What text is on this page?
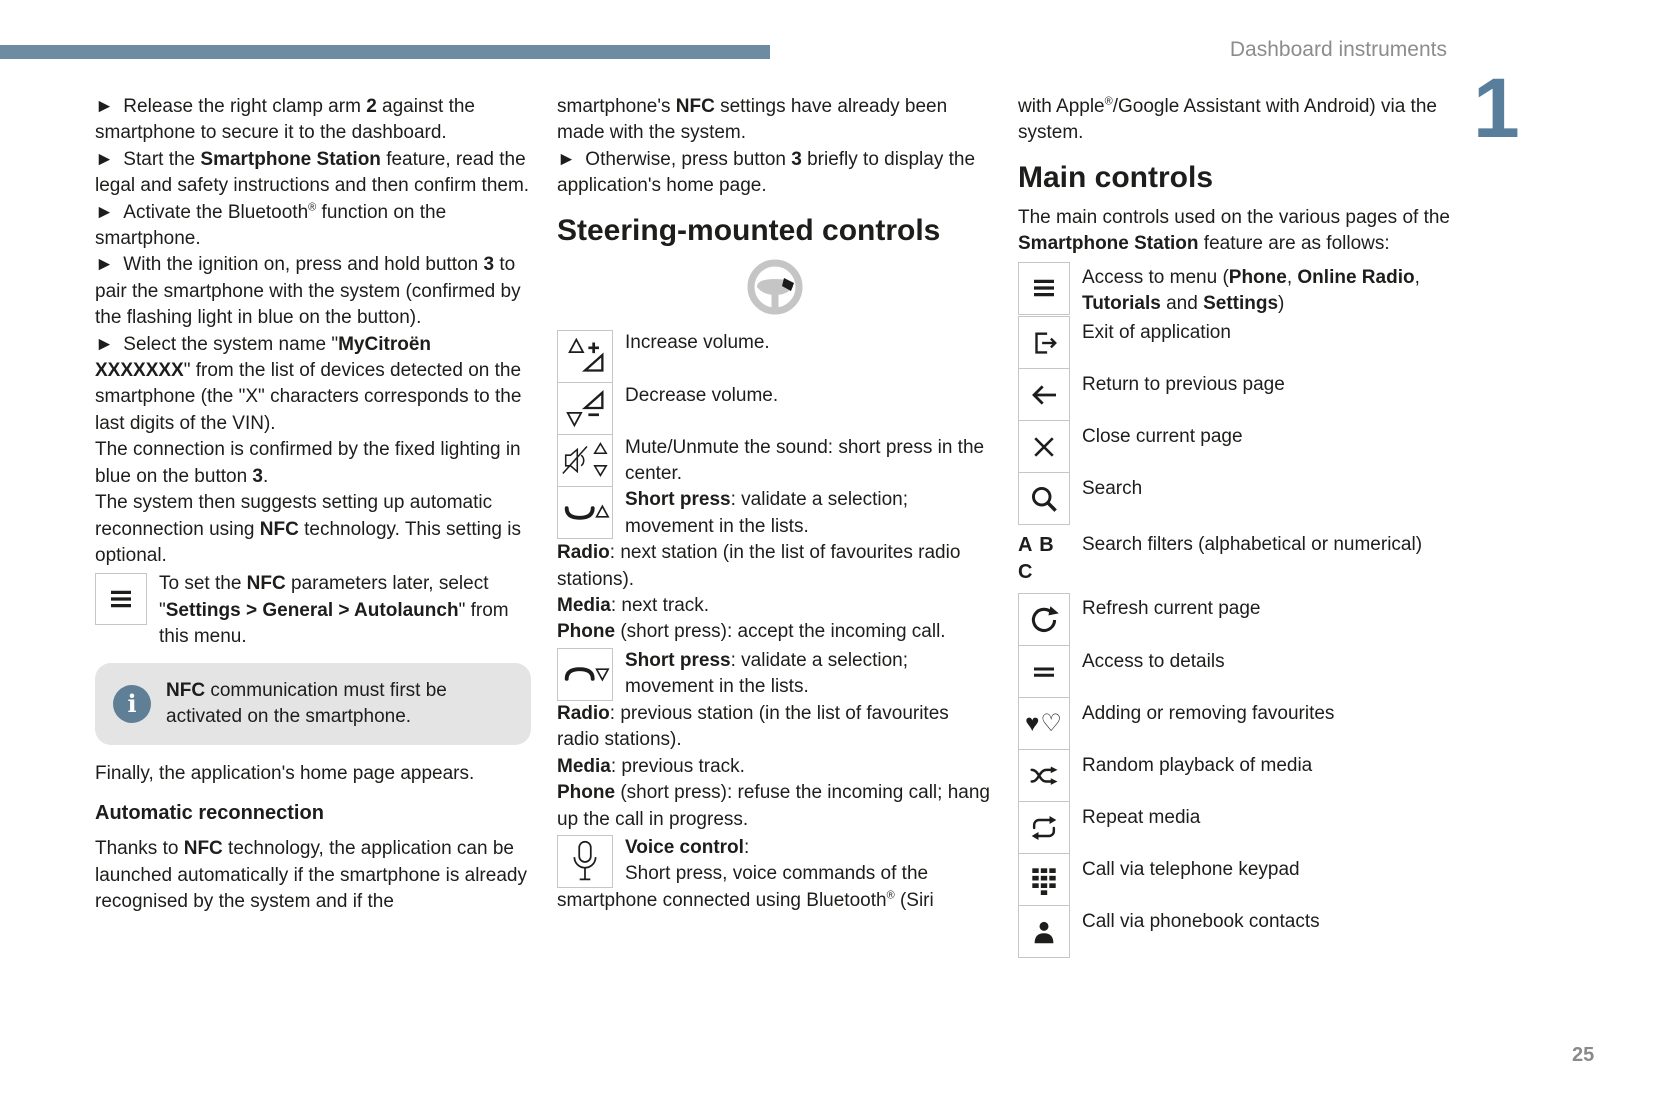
Dashboard instruments
1
25

► Release the right clamp arm 2 against the smartphone to secure it to the dashboard.

► Start the Smartphone Station feature, read the legal and safety instructions and then confirm them.

► Activate the Bluetooth® function on the smartphone.

► With the ignition on, press and hold button 3 to pair the smartphone with the system (confirmed by the flashing light in blue on the button).

► Select the system name "MyCitroën XXXXXXX" from the list of devices detected on the smartphone (the "X" characters corresponds to the last digits of the VIN).

The connection is confirmed by the fixed lighting in blue on the button 3.

The system then suggests setting up automatic reconnection using NFC technology. This setting is optional.

To set the NFC parameters later, select "Settings > General > Autolaunch" from this menu.
i	NFC communication must first be activated on the smartphone.

Finally, the application's home page appears.

Automatic reconnection

Thanks to NFC technology, the application can be launched automatically if the smartphone is already recognised by the system and if the

smartphone's NFC settings have already been made with the system.

► Otherwise, press button 3 briefly to display the application's home page.

Steering-mounted controls
Increase volume.
Decrease volume.
Mute/Unmute the sound: short press in the center.
Short press: validate a selection; movement in the lists.

Radio: next station (in the list of favourites radio stations).
Media: next track.
Phone (short press): accept the incoming call.

Short press: validate a selection; movement in the lists.

Radio: previous station (in the list of favourites radio stations).
Media: previous track.
Phone (short press): refuse the incoming call; hang up the call in progress.

Voice control:
Short press, voice commands of the

smartphone connected using Bluetooth® (Siri

with Apple®/Google Assistant with Android) via the system.

Main controls

The main controls used on the various pages of the Smartphone Station feature are as follows:

Access to menu (Phone, Online Radio, Tutorials and Settings)
Exit of application
Return to previous page
Close current page
Search
A B C
Search filters (alphabetical or numerical)
Refresh current page
Access to details
♥♡	Adding or removing favourites
Random playback of media
Repeat media
Call via telephone keypad
Call via phonebook contacts
